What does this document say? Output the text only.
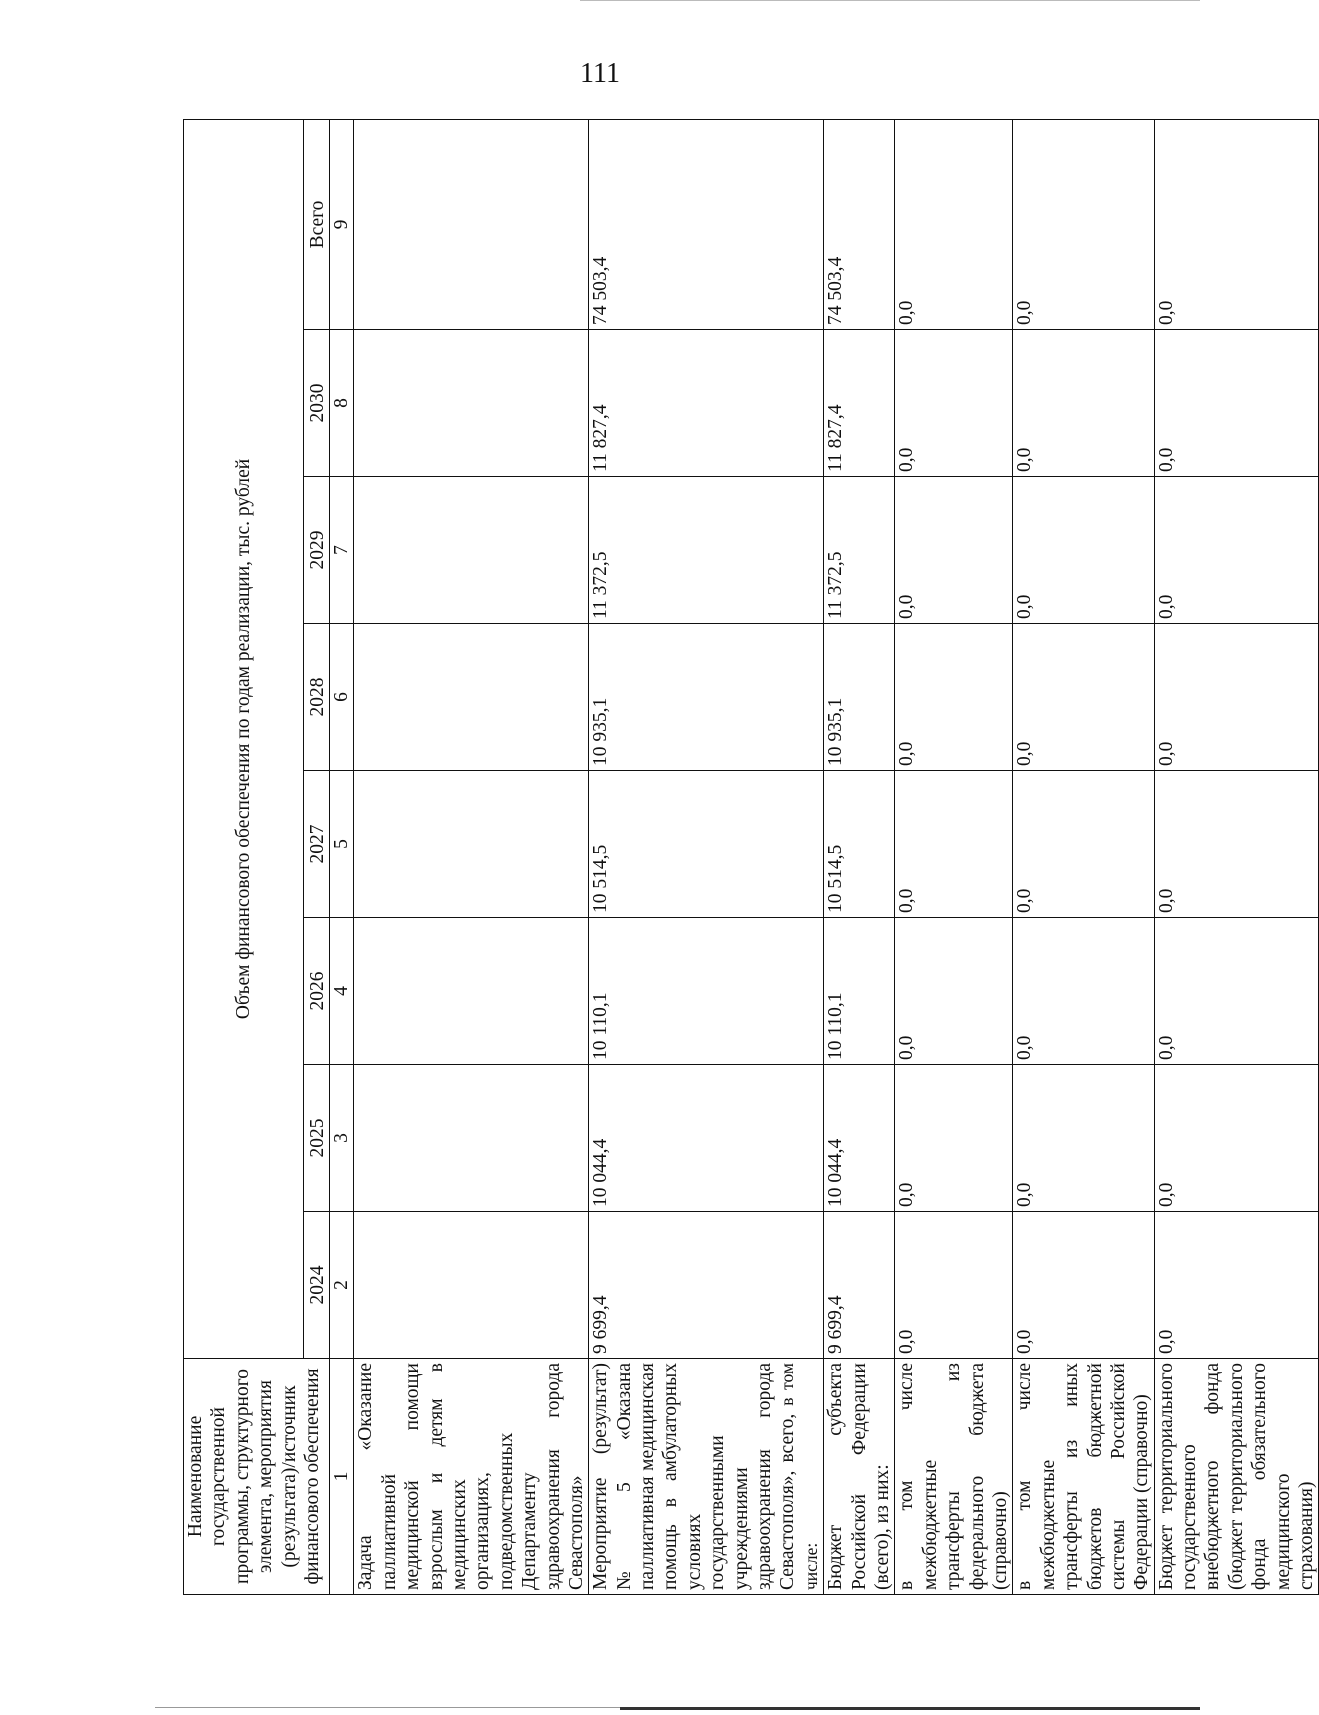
111
Наименование государственной программы, структурного элемента, мероприятия (результата)/источник финансового обеспечения	Объем финансового обеспечения по годам реализации, тыс. рублей							
	2024	2025	2026	2027	2028	2029	2030	Всего
1	2	3	4	5	6	7	8	9
Задача «Оказание паллиативной медицинской помощи взрослым и детям в медицинских организациях, подведомственных Департаменту здравоохранения города Севастополя»								
Мероприятие (результат) № 5 «Оказана паллиативная медицинская помощь в амбулаторных условиях государственными учреждениями здравоохранения города Севастополя», всего, в том числе:	9 699,4	10 044,4	10 110,1	10 514,5	10 935,1	11 372,5	11 827,4	74 503,4
Бюджет субъекта Российской Федерации (всего), из них:	9 699,4	10 044,4	10 110,1	10 514,5	10 935,1	11 372,5	11 827,4	74 503,4
в том числе межбюджетные трансферты из федерального бюджета (справочно)	0,0	0,0	0,0	0,0	0,0	0,0	0,0	0,0
в том числе межбюджетные трансферты из иных бюджетов бюджетной системы Российской Федерации (справочно)	0,0	0,0	0,0	0,0	0,0	0,0	0,0	0,0
Бюджет территориального государственного внебюджетного фонда (бюджет территориального фонда обязательного медицинского страхования)	0,0	0,0	0,0	0,0	0,0	0,0	0,0	0,0
